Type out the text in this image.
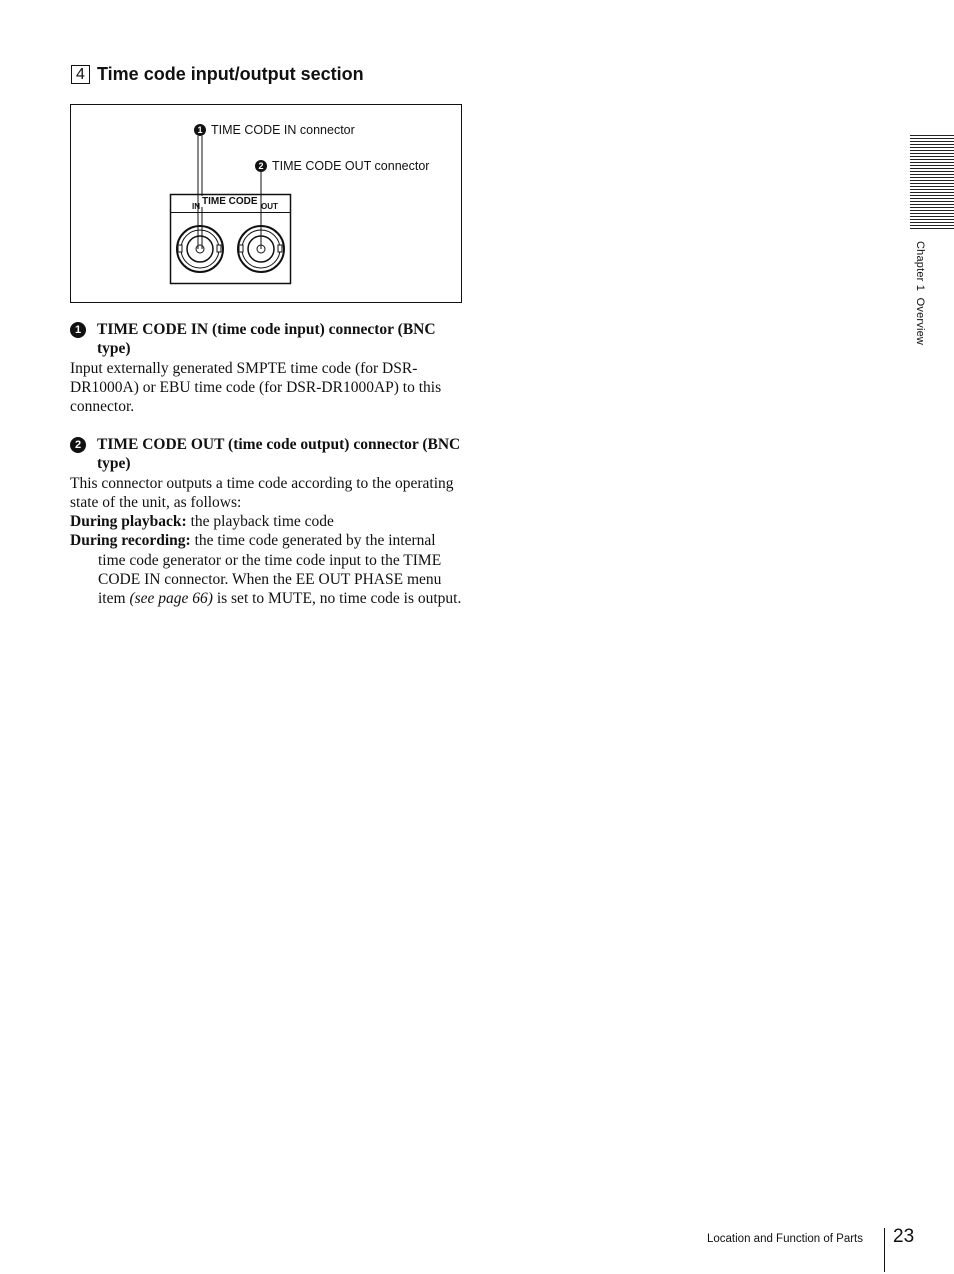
4 Time code input/output section
1 TIME CODE IN connector
2 TIME CODE OUT connector
IN TIME CODE OUT
1	TIME CODE IN (time code input) connector (BNC type)

Input externally generated SMPTE time code (for DSR-DR1000A) or EBU time code (for DSR-DR1000AP) to this connector.

2	TIME CODE OUT (time code output) connector (BNC type)

This connector outputs a time code according to the operating state of the unit, as follows:

During playback: the playback time code

During recording: the time code generated by the internal time code generator or the time code input to the TIME CODE IN connector. When the EE OUT PHASE menu item (see page 66) is set to MUTE, no time code is output.

Chapter 1  Overview
Location and Function of Parts 23
